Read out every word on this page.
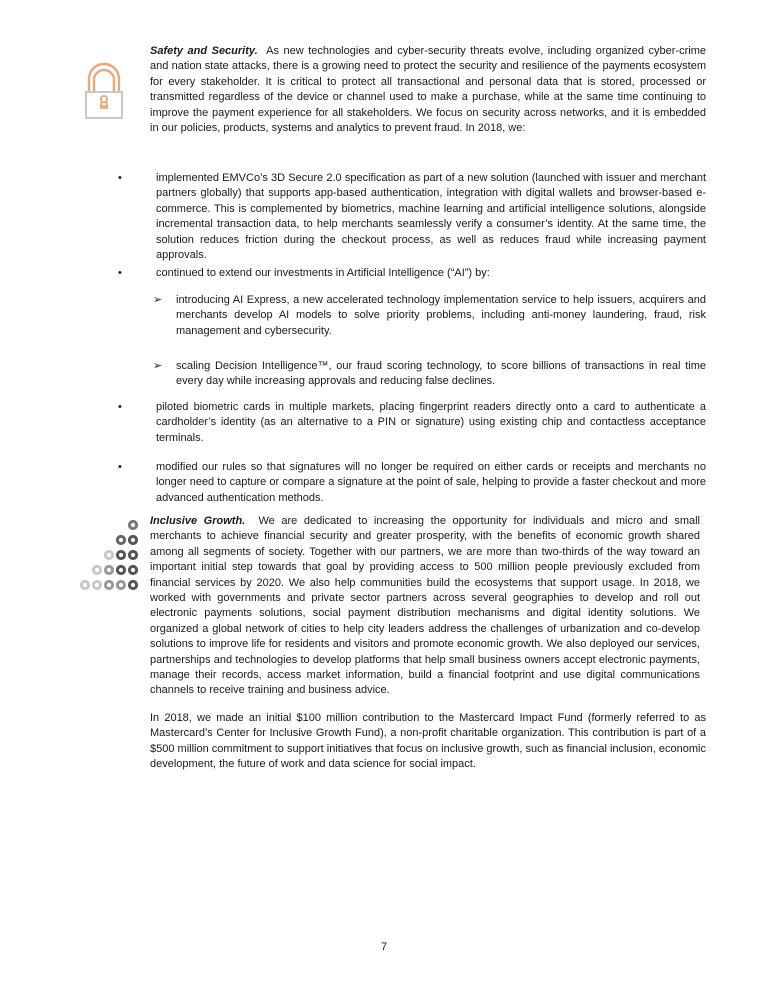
Safety and Security. As new technologies and cyber-security threats evolve, including organized cyber-crime and nation state attacks, there is a growing need to protect the security and resilience of the payments ecosystem for every stakeholder. It is critical to protect all transactional and personal data that is stored, processed or transmitted regardless of the device or channel used to make a purchase, while at the same time continuing to improve the payment experience for all stakeholders. We focus on security across networks, and it is embedded in our policies, products, systems and analytics to prevent fraud. In 2018, we:

•	implemented EMVCo’s 3D Secure 2.0 specification as part of a new solution (launched with issuer and merchant partners globally) that supports app-based authentication, integration with digital wallets and browser-based e-commerce. This is complemented by biometrics, machine learning and artificial intelligence solutions, alongside incremental transaction data, to help merchants seamlessly verify a consumer’s identity. At the same time, the solution reduces friction during the checkout process, as well as reduces fraud while increasing payment approvals.

•	continued to extend our investments in Artificial Intelligence (“AI”) by:

➢ introducing AI Express, a new accelerated technology implementation service to help issuers, acquirers and merchants develop AI models to solve priority problems, including anti-money laundering, fraud, risk management and cybersecurity.

➢ scaling Decision Intelligence™, our fraud scoring technology, to score billions of transactions in real time every day while increasing approvals and reducing false declines.

•	piloted biometric cards in multiple markets, placing fingerprint readers directly onto a card to authenticate a cardholder’s identity (as an alternative to a PIN or signature) using existing chip and contactless acceptance terminals.

•	modified our rules so that signatures will no longer be required on either cards or receipts and merchants no longer need to capture or compare a signature at the point of sale, helping to provide a faster checkout and more advanced authentication methods.

Inclusive Growth. We are dedicated to increasing the opportunity for individuals and micro and small merchants to achieve financial security and greater prosperity, with the benefits of economic growth shared among all segments of society. Together with our partners, we are more than two-thirds of the way toward an important initial step towards that goal by providing access to 500 million people previously excluded from financial services by 2020. We also help communities build the ecosystems that support usage. In 2018, we worked with governments and private sector partners across several geographies to develop and roll out electronic payments solutions, social payment distribution mechanisms and digital identity solutions. We organized a global network of cities to help city leaders address the challenges of urbanization and co-develop solutions to improve life for residents and visitors and promote economic growth. We also deployed our services, partnerships and technologies to develop platforms that help small business owners accept electronic payments, manage their records, access market information, build a financial footprint and use digital communications channels to receive training and business advice.

In 2018, we made an initial $100 million contribution to the Mastercard Impact Fund (formerly referred to as Mastercard’s Center for Inclusive Growth Fund), a non-profit charitable organization. This contribution is part of a $500 million commitment to support initiatives that focus on inclusive growth, such as financial inclusion, economic development, the future of work and data science for social impact.

7
